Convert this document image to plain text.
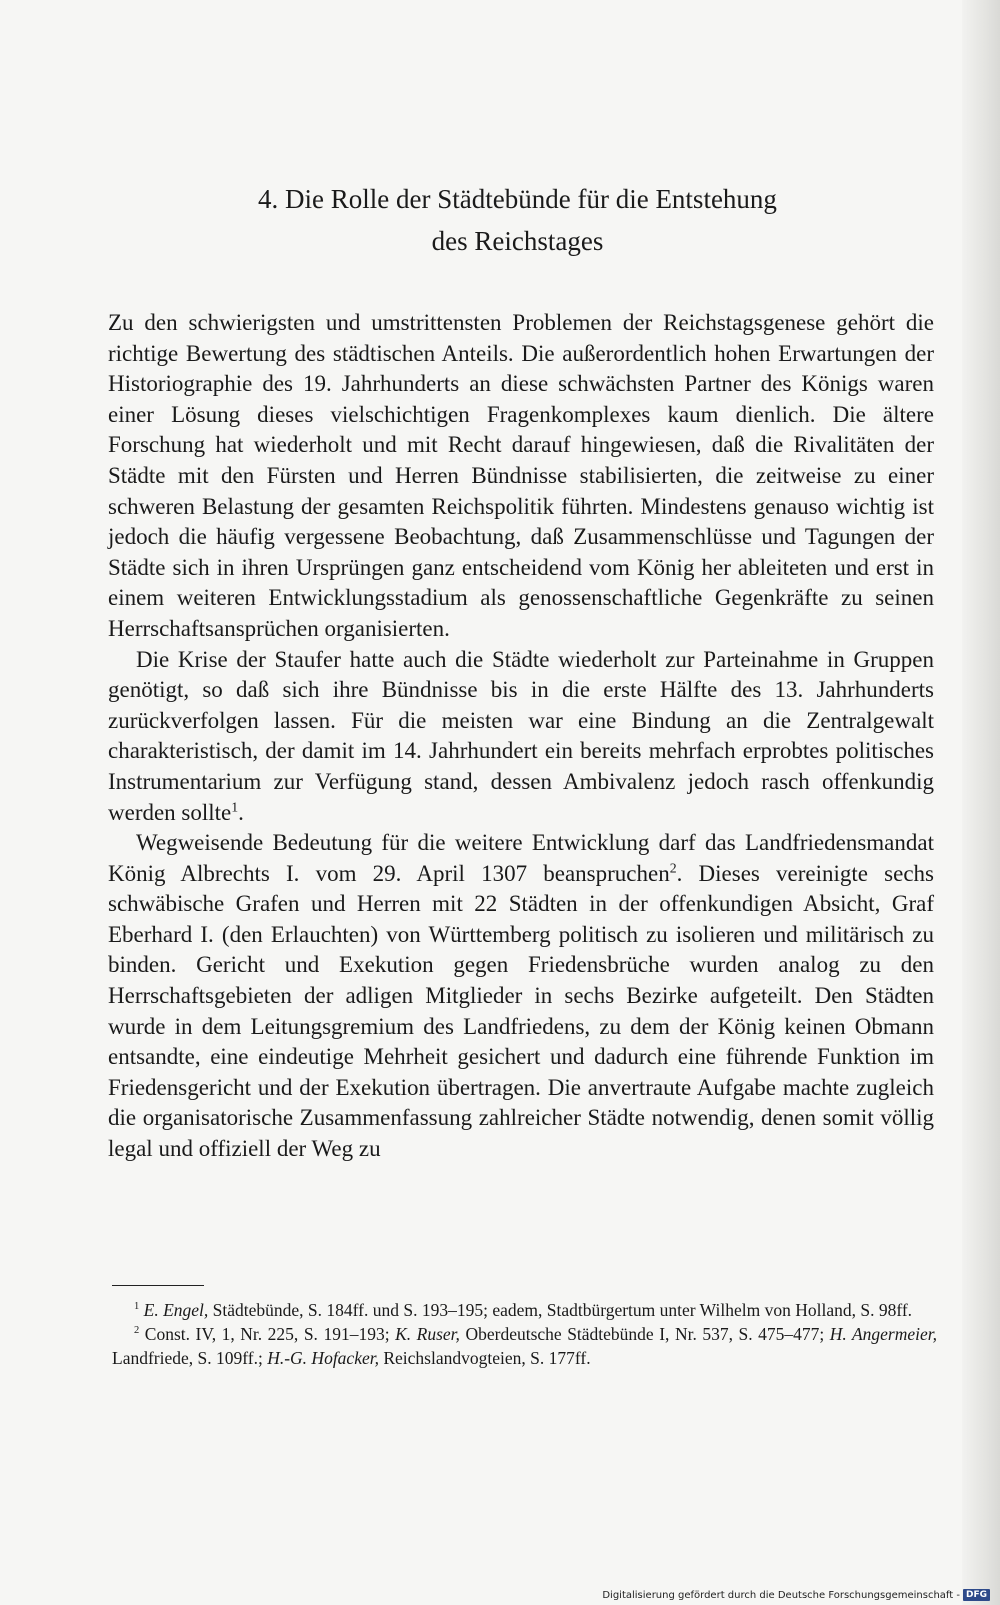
4. Die Rolle der Städtebünde für die Entstehung
des Reichstages

Zu den schwierigsten und umstrittensten Problemen der Reichstagsgenese gehört die richtige Bewertung des städtischen Anteils. Die außerordentlich hohen Erwartungen der Historiographie des 19. Jahrhunderts an diese schwächsten Partner des Königs waren einer Lösung dieses vielschichtigen Fragenkomplexes kaum dienlich. Die ältere Forschung hat wiederholt und mit Recht darauf hingewiesen, daß die Rivalitäten der Städte mit den Fürsten und Herren Bündnisse stabilisierten, die zeitweise zu einer schweren Belastung der gesamten Reichspolitik führten. Mindestens genauso wichtig ist jedoch die häufig vergessene Beobachtung, daß Zusammenschlüsse und Tagungen der Städte sich in ihren Ursprüngen ganz entscheidend vom König her ableiteten und erst in einem weiteren Entwicklungsstadium als genossenschaftliche Gegenkräfte zu seinen Herrschaftsansprüchen organisierten.

Die Krise der Staufer hatte auch die Städte wiederholt zur Parteinahme in Gruppen genötigt, so daß sich ihre Bündnisse bis in die erste Hälfte des 13. Jahrhunderts zurückverfolgen lassen. Für die meisten war eine Bindung an die Zentralgewalt charakteristisch, der damit im 14. Jahrhundert ein bereits mehrfach erprobtes politisches Instrumentarium zur Verfügung stand, dessen Ambivalenz jedoch rasch offenkundig werden sollte$^1$.

Wegweisende Bedeutung für die weitere Entwicklung darf das Landfriedensmandat König Albrechts I. vom 29. April 1307 beanspruchen$^2$. Dieses vereinigte sechs schwäbische Grafen und Herren mit 22 Städten in der offenkundigen Absicht, Graf Eberhard I. (den Erlauchten) von Württemberg politisch zu isolieren und militärisch zu binden. Gericht und Exekution gegen Friedensbrüche wurden analog zu den Herrschaftsgebieten der adligen Mitglieder in sechs Bezirke aufgeteilt. Den Städten wurde in dem Leitungsgremium des Landfriedens, zu dem der König keinen Obmann entsandte, eine eindeutige Mehrheit gesichert und dadurch eine führende Funktion im Friedensgericht und der Exekution übertragen. Die anvertraute Aufgabe machte zugleich die organisatorische Zusammenfassung zahlreicher Städte notwendig, denen somit völlig legal und offiziell der Weg zu

$^1$ E. Engel, Städtebünde, S. 184ff. und S. 193–195; eadem, Stadtbürgertum unter Wilhelm von Holland, S. 98ff.

$^2$ Const. IV, 1, Nr. 225, S. 191–193; K. Ruser, Oberdeutsche Städtebünde I, Nr. 537, S. 475–477; H. Angermeier, Landfriede, S. 109ff.; H.-G. Hofacker, Reichslandvogteien, S. 177ff.

Digitalisierung gefördert durch die Deutsche Forschungsgemeinschaft - DFG
